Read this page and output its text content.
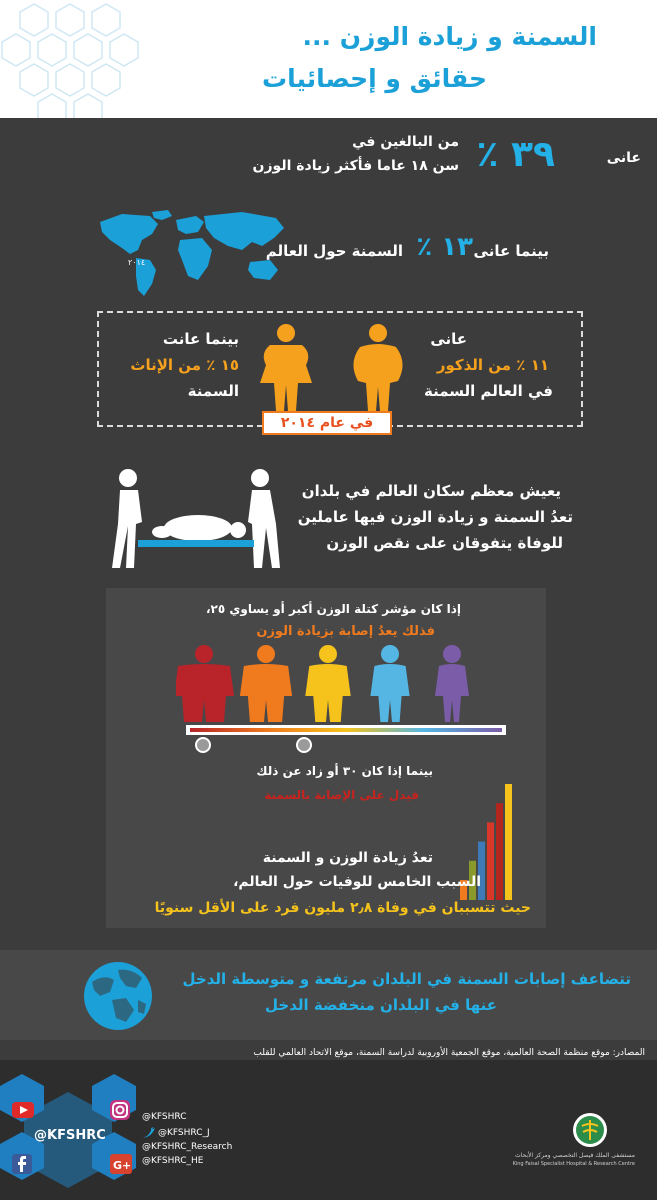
السمنة و زيادة الوزن ...
حقائق و إحصائيات
عانى
٣٩ ٪
من البالغين في
سن ١٨ عاما فأكثر زيادة الوزن
٢٠١٤
بينما عانى
١٣ ٪
السمنة حول العالم
عانى
١١ ٪ من الذكور
في العالم السمنة
بينما عانت
١٥ ٪ من الإناث
السمنة
في عام ٢٠١٤
يعيش معظم سكان العالم في بلدان
تعدُ السمنة و زيادة الوزن فيها عاملين
للوفاة يتفوقان على نقص الوزن
إذا كان مؤشر كتلة الوزن أكبر أو يساوي ٢٥،
فذلك يعدُ إصابة بزيادة الوزن
بينما إذا كان ٣٠ أو زاد عن ذلك
فيدل على الإصابة بالسمنة
تعدُ زيادة الوزن و السمنة
السبب الخامس للوفيات حول العالم،
حيث تتسببان في وفاة ٢٫٨ مليون فرد على الأقل سنويًا
تتضاعف إصابات السمنة في البلدان مرتفعة و متوسطة الدخل
عنها في البلدان منخفضة الدخل
المصادر: موقع منظمة الصحة العالمية، موقع الجمعية الأوروبية لدراسة السمنة، موقع الاتحاد العالمي للقلب
@KFSHRC
G+
@KFSHRC
@KFSHRC_J
@KFSHRC_Research
@KFSHRC_HE
مستشفى الملك فيصل التخصصي ومركز الأبحاث
King Faisal Specialist Hospital & Research Centre
